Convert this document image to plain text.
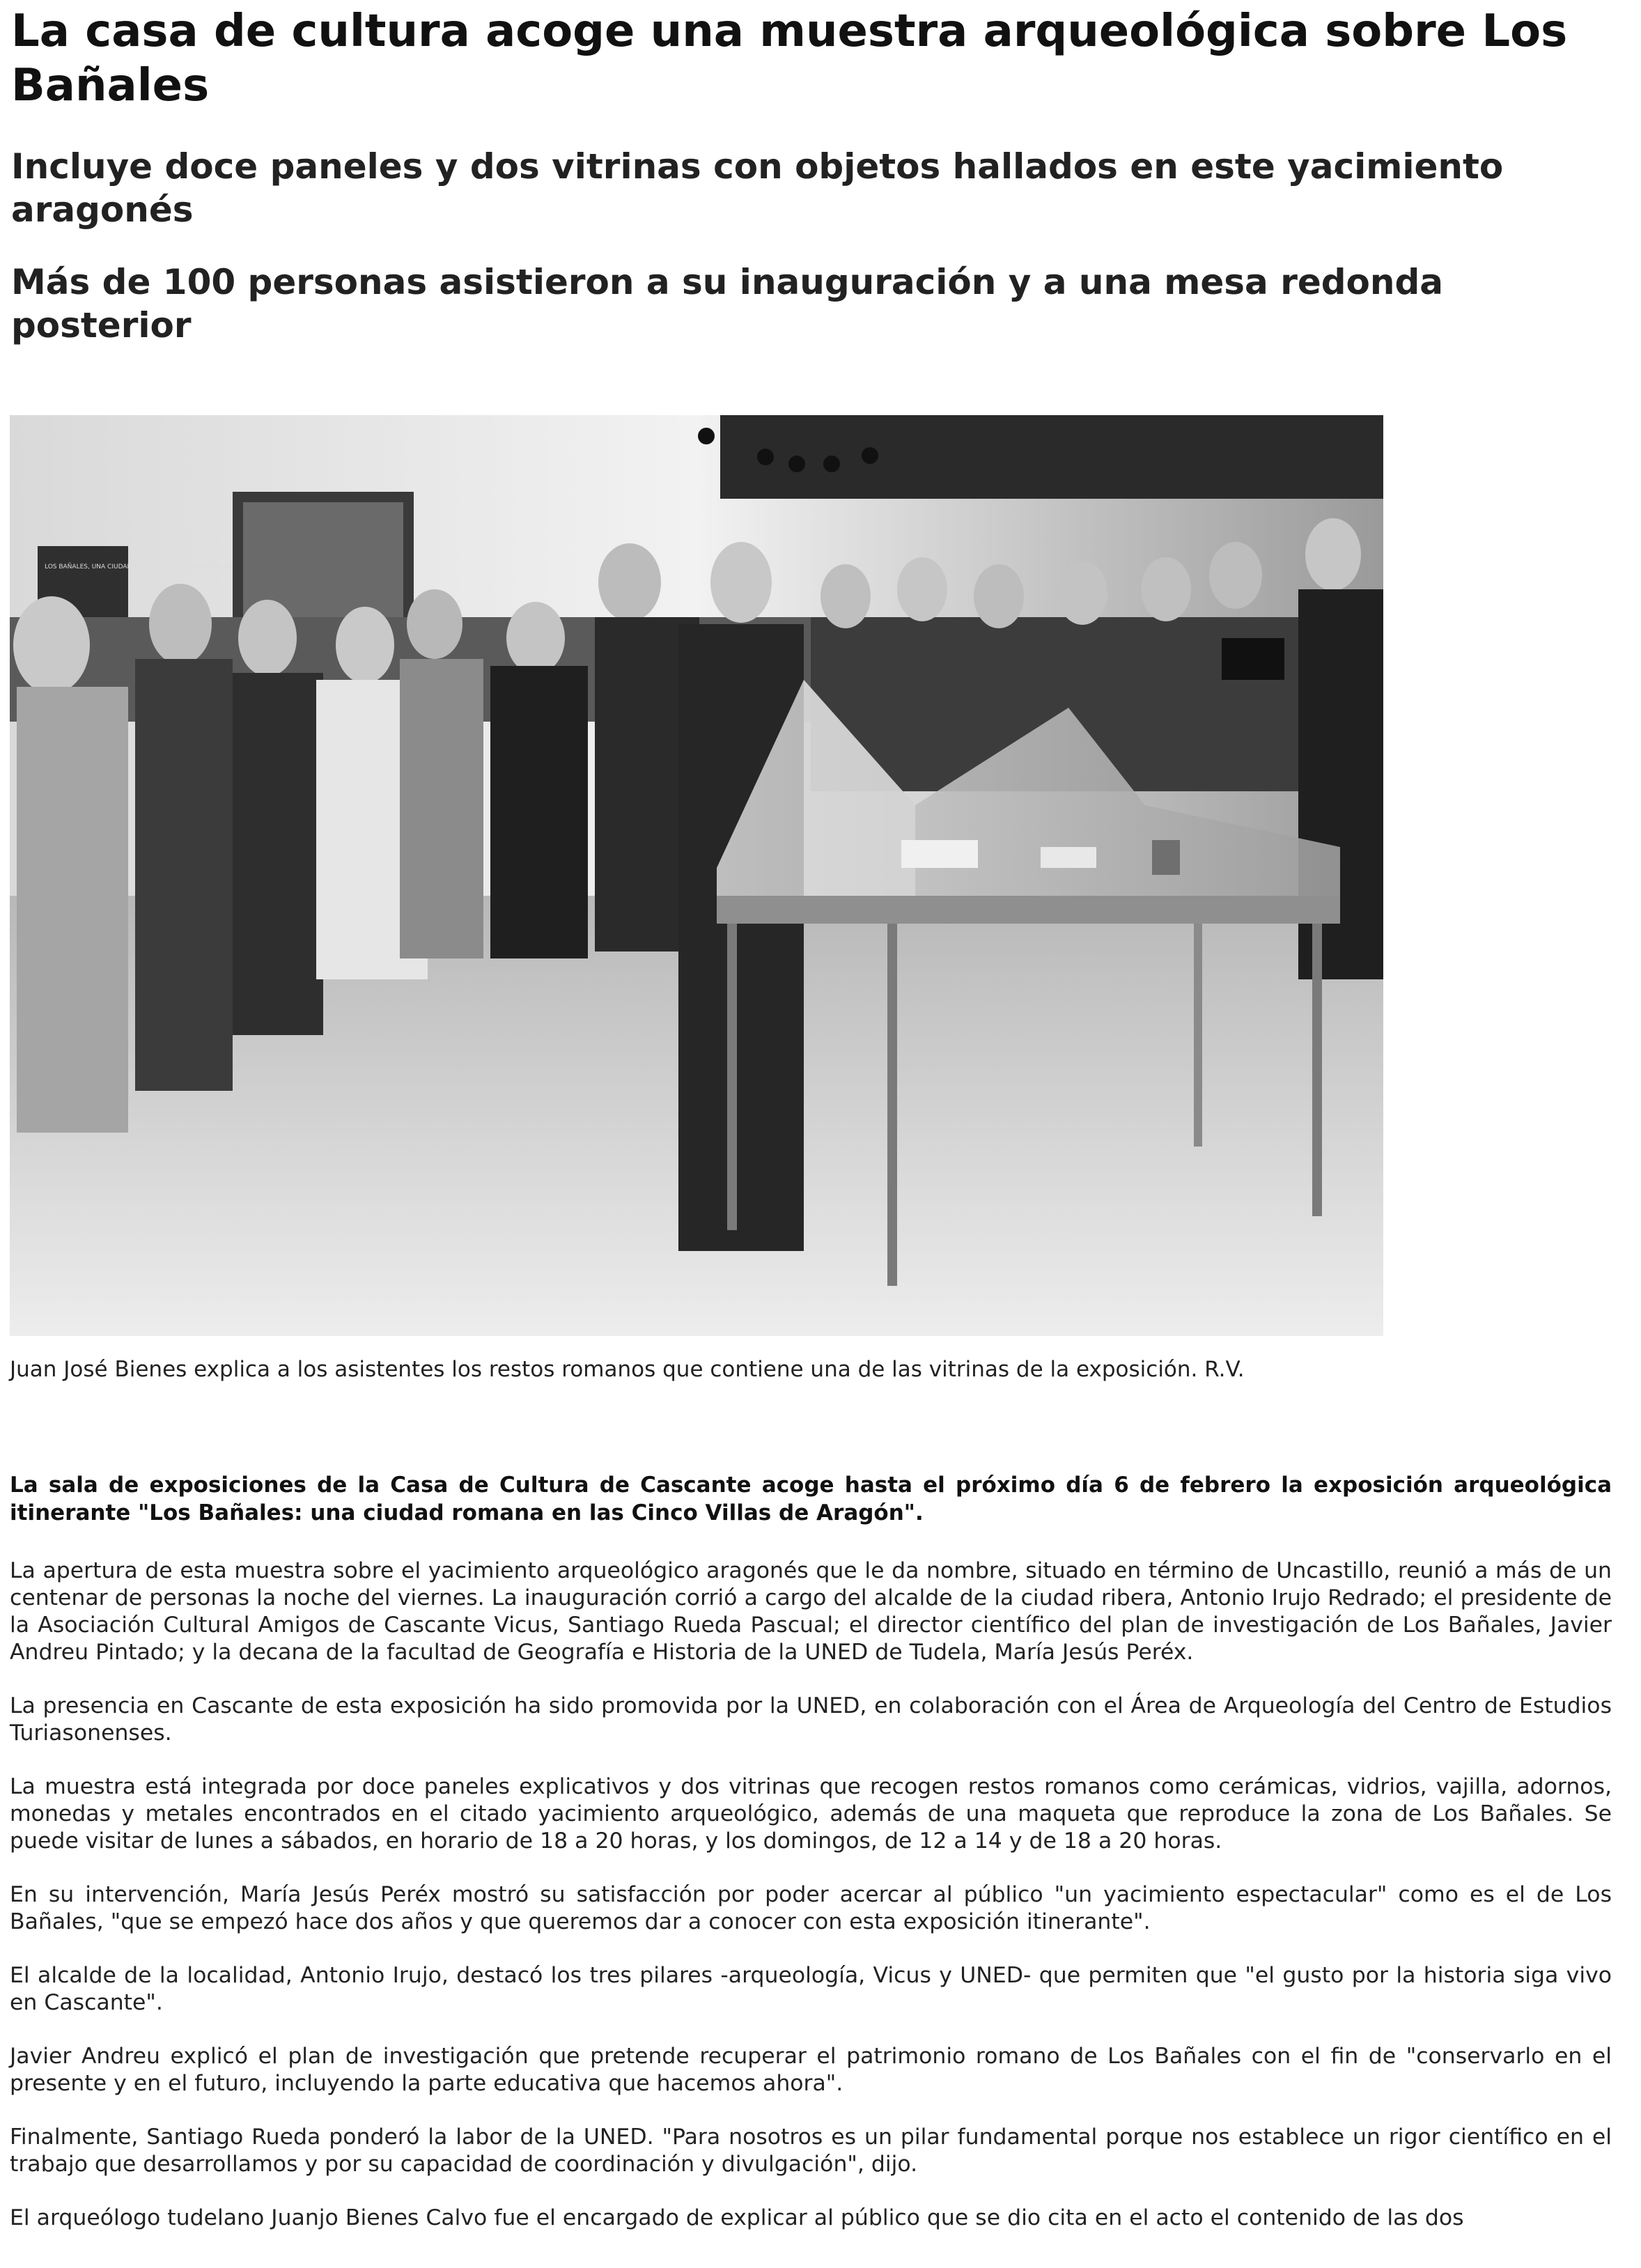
La casa de cultura acoge una muestra arqueológica sobre Los Bañales
Incluye doce paneles y dos vitrinas con objetos hallados en este yacimiento aragonés
Más de 100 personas asistieron a su inauguración y a una mesa redonda posterior
LOS BAÑALES, UNA CIUDAD ROMANA EN LAS CINCO VILLAS

Juan José Bienes explica a los asistentes los restos romanos que contiene una de las vitrinas de la exposición. R.V.

La sala de exposiciones de la Casa de Cultura de Cascante acoge hasta el próximo día 6 de febrero la exposición arqueológica itinerante "Los Bañales: una ciudad romana en las Cinco Villas de Aragón".

La apertura de esta muestra sobre el yacimiento arqueológico aragonés que le da nombre, situado en término de Uncastillo, reunió a más de un centenar de personas la noche del viernes. La inauguración corrió a cargo del alcalde de la ciudad ribera, Antonio Irujo Redrado; el presidente de la Asociación Cultural Amigos de Cascante Vicus, Santiago Rueda Pascual; el director científico del plan de investigación de Los Bañales, Javier Andreu Pintado; y la decana de la facultad de Geografía e Historia de la UNED de Tudela, María Jesús Peréx.

La presencia en Cascante de esta exposición ha sido promovida por la UNED, en colaboración con el Área de Arqueología del Centro de Estudios Turiasonenses.

La muestra está integrada por doce paneles explicativos y dos vitrinas que recogen restos romanos como cerámicas, vidrios, vajilla, adornos, monedas y metales encontrados en el citado yacimiento arqueológico, además de una maqueta que reproduce la zona de Los Bañales. Se puede visitar de lunes a sábados, en horario de 18 a 20 horas, y los domingos, de 12 a 14 y de 18 a 20 horas.

En su intervención, María Jesús Peréx mostró su satisfacción por poder acercar al público "un yacimiento espectacular" como es el de Los Bañales, "que se empezó hace dos años y que queremos dar a conocer con esta exposición itinerante".

El alcalde de la localidad, Antonio Irujo, destacó los tres pilares -arqueología, Vicus y UNED- que permiten que "el gusto por la historia siga vivo en Cascante".

Javier Andreu explicó el plan de investigación que pretende recuperar el patrimonio romano de Los Bañales con el fin de "conservarlo en el presente y en el futuro, incluyendo la parte educativa que hacemos ahora".

Finalmente, Santiago Rueda ponderó la labor de la UNED. "Para nosotros es un pilar fundamental porque nos establece un rigor científico en el trabajo que desarrollamos y por su capacidad de coordinación y divulgación", dijo.

El arqueólogo tudelano Juanjo Bienes Calvo fue el encargado de explicar al público que se dio cita en el acto el contenido de las dos
